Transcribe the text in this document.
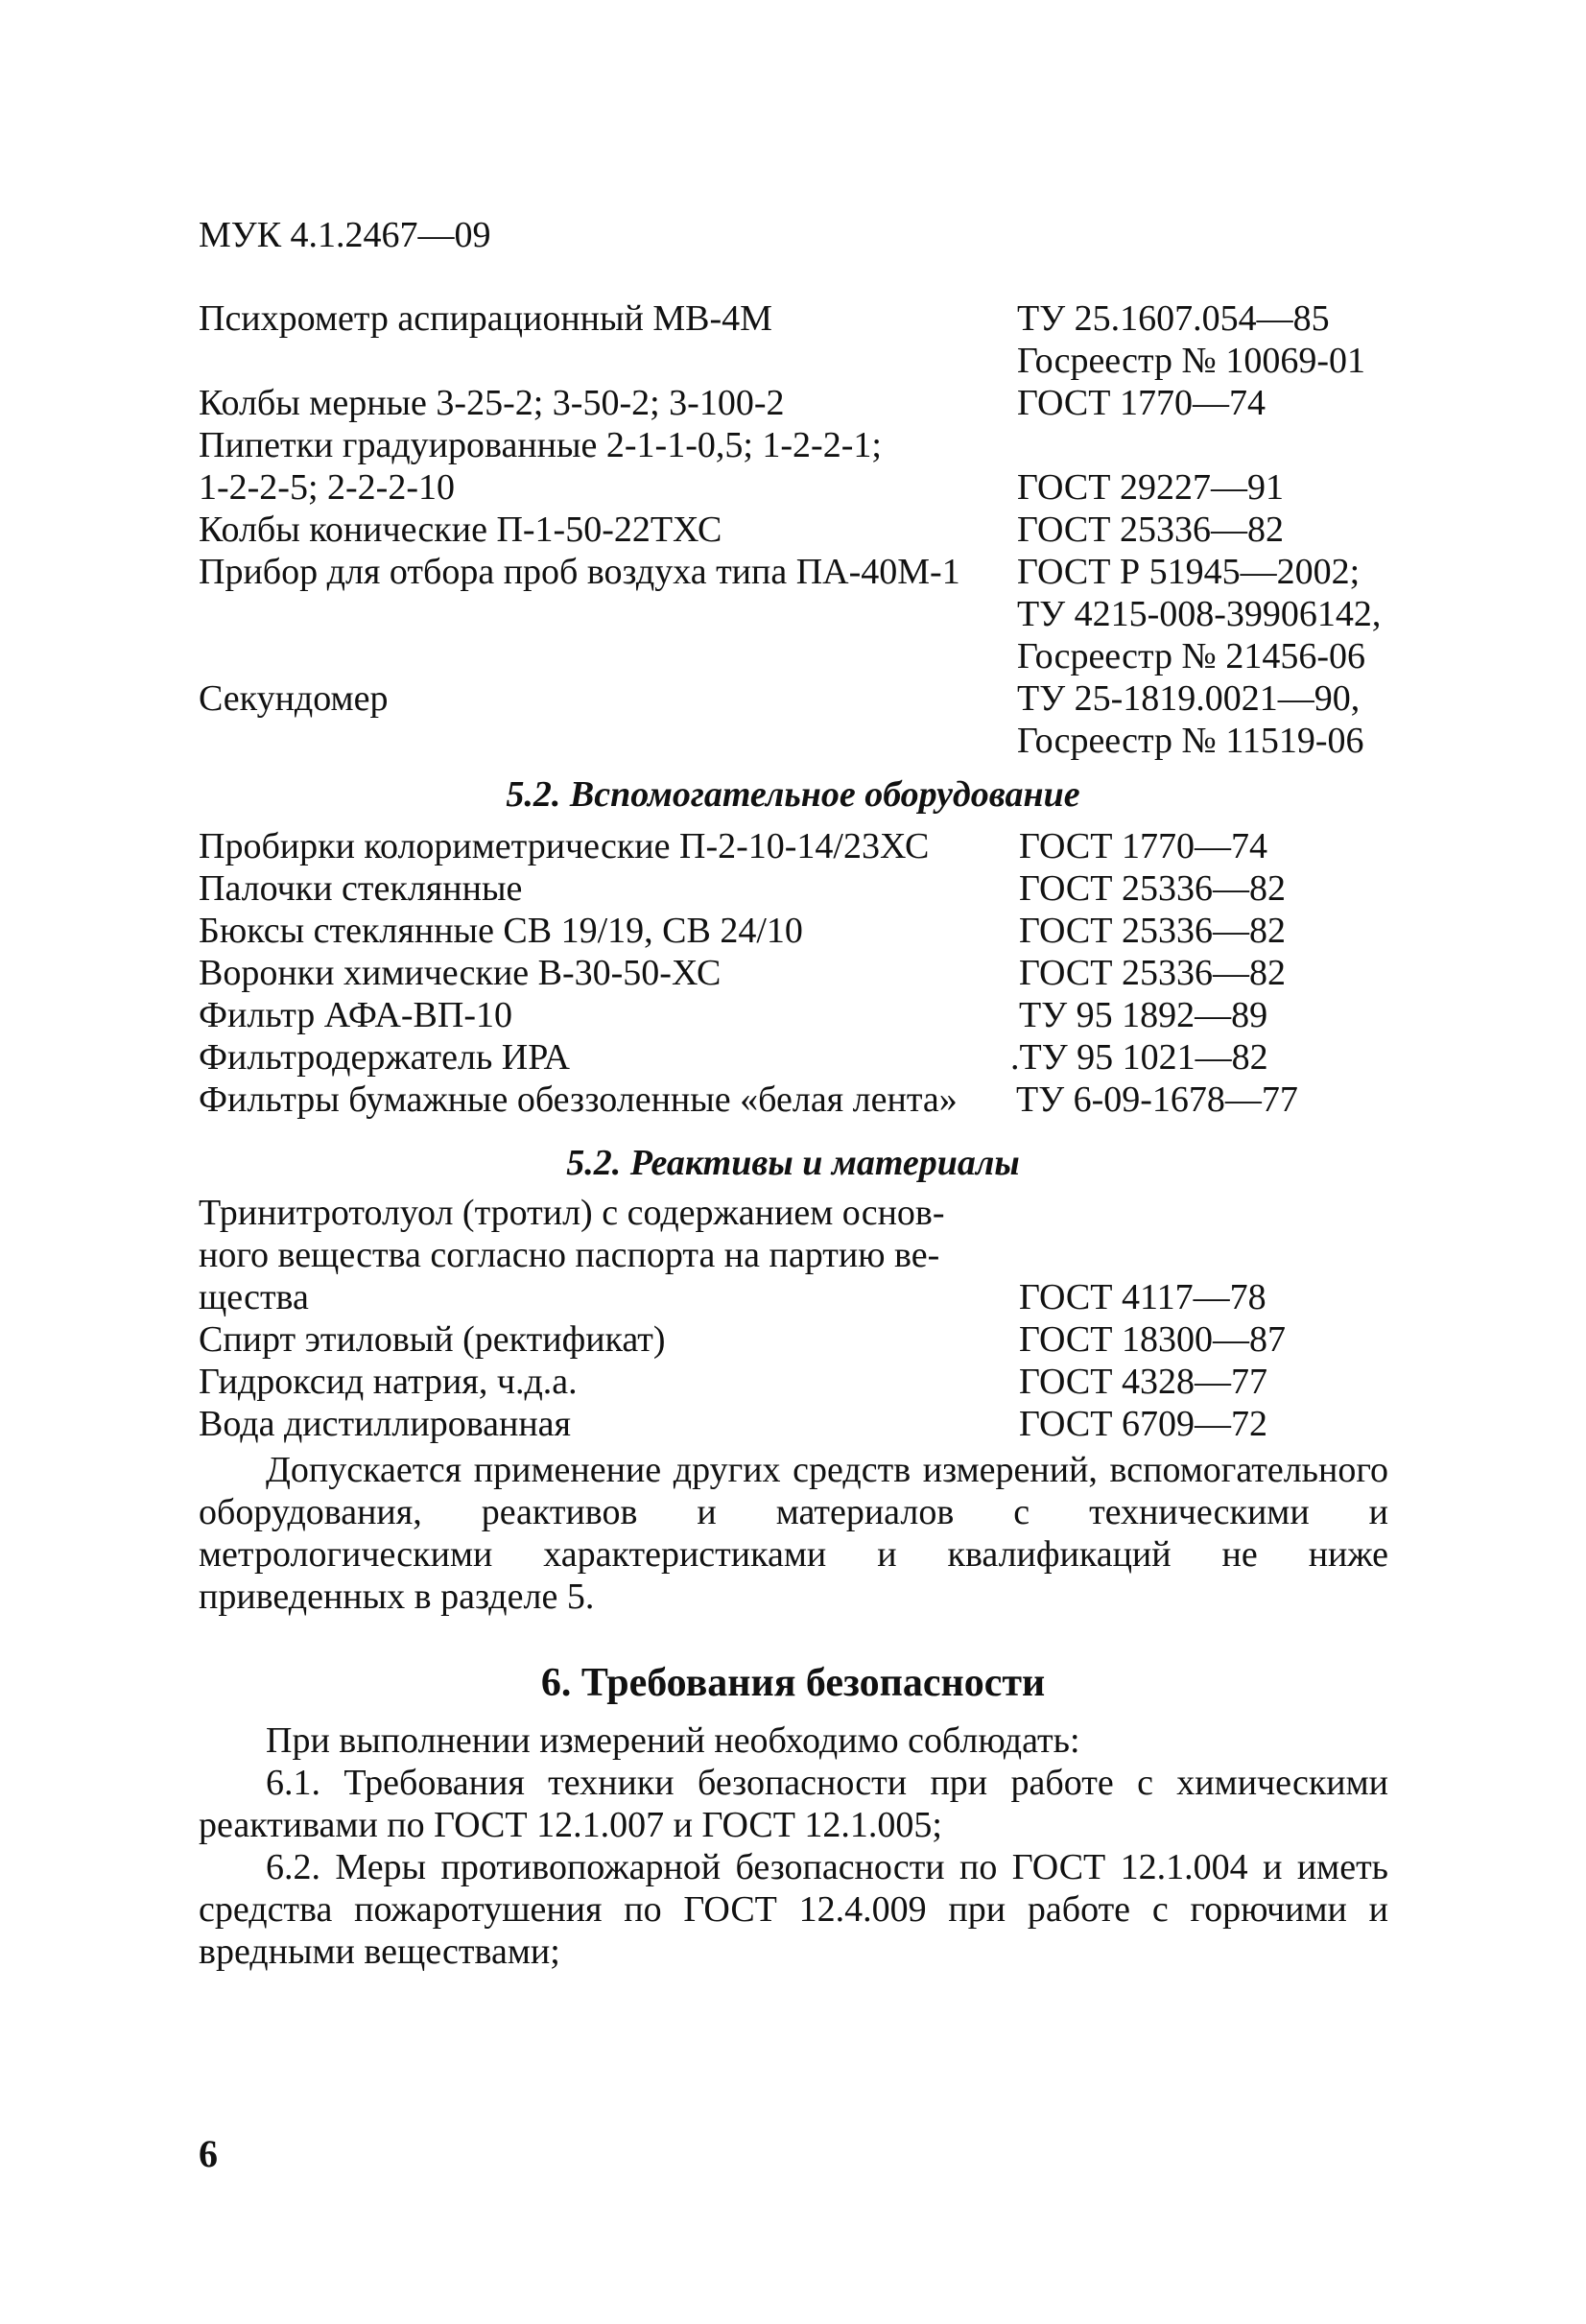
МУК 4.1.2467—09
Психрометр аспирационный МВ-4М	ТУ 25.1607.054—85
Госреестр № 10069-01
Колбы мерные 3-25-2; 3-50-2; 3-100-2	ГОСТ 1770—74
Пипетки градуированные 2-1-1-0,5; 1-2-2-1;
1-2-2-5; 2-2-2-10	ГОСТ 29227—91
Колбы конические П-1-50-22ТХС	ГОСТ 25336—82
Прибор для отбора проб воздуха типа ПА-40М-1 ГОСТ Р 51945—2002;
ТУ 4215-008-39906142,
Госреестр № 21456-06
Секундомер	ТУ 25-1819.0021—90,
Госреестр № 11519-06
5.2. Вспомогательное оборудование
Пробирки колориметрические П-2-10-14/23ХС ГОСТ 1770—74
Палочки стеклянные	ГОСТ 25336—82
Бюксы стеклянные СВ 19/19, СВ 24/10	ГОСТ 25336—82
Воронки химические В-30-50-ХС	ГОСТ 25336—82
Фильтр АФА-ВП-10	ТУ 95 1892—89
Фильтродержатель ИРА	.ТУ 95 1021—82
Фильтры бумажные обеззоленные «белая лента» ТУ 6-09-1678—77
5.2. Реактивы и материалы
Тринитротолуол (тротил) с содержанием основ-
ного вещества согласно паспорта на партию ве-
щества	ГОСТ 4117—78
Спирт этиловый (ректификат)	ГОСТ 18300—87
Гидроксид натрия, ч.д.а.	ГОСТ 4328—77
Вода дистиллированная	ГОСТ 6709—72

Допускается применение других средств измерений, вспомогательного оборудования, реактивов и материалов с техническими и метрологическими характеристиками и квалификаций не ниже приведенных в разделе 5.

6. Требования безопасности

При выполнении измерений необходимо соблюдать:

6.1. Требования техники безопасности при работе с химическими реактивами по ГОСТ 12.1.007 и ГОСТ 12.1.005;

6.2. Меры противопожарной безопасности по ГОСТ 12.1.004 и иметь средства пожаротушения по ГОСТ 12.4.009 при работе с горючими и вредными веществами;

6
